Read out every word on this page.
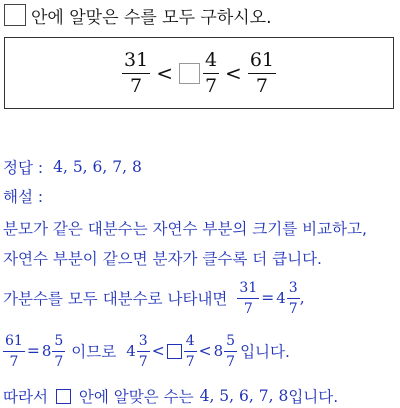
안에 알맞은 수를 모두 구하시오.
$\frac{31}{7} < \frac{4}{7} < \frac{61}{7}$
정답 : 4, 5, 6, 7, 8
해설 :
분모가 같은 대분수는 자연수 부분의 크기를 비교하고,
자연수 부분이 같으면 분자가 클수록 더 큽니다.
가분수를 모두 대분수로 나타내면 $\frac{31}{7} = 4 \frac{3}{7}$ ,
$\frac{61}{7} = 8 \frac{5}{7}$ 이므로 $4 \frac{3}{7} < \frac{4}{7} < 8 \frac{5}{7}$ 입니다.
따라서 안에 알맞은 수는 4, 5, 6, 7, 8 입니다.
